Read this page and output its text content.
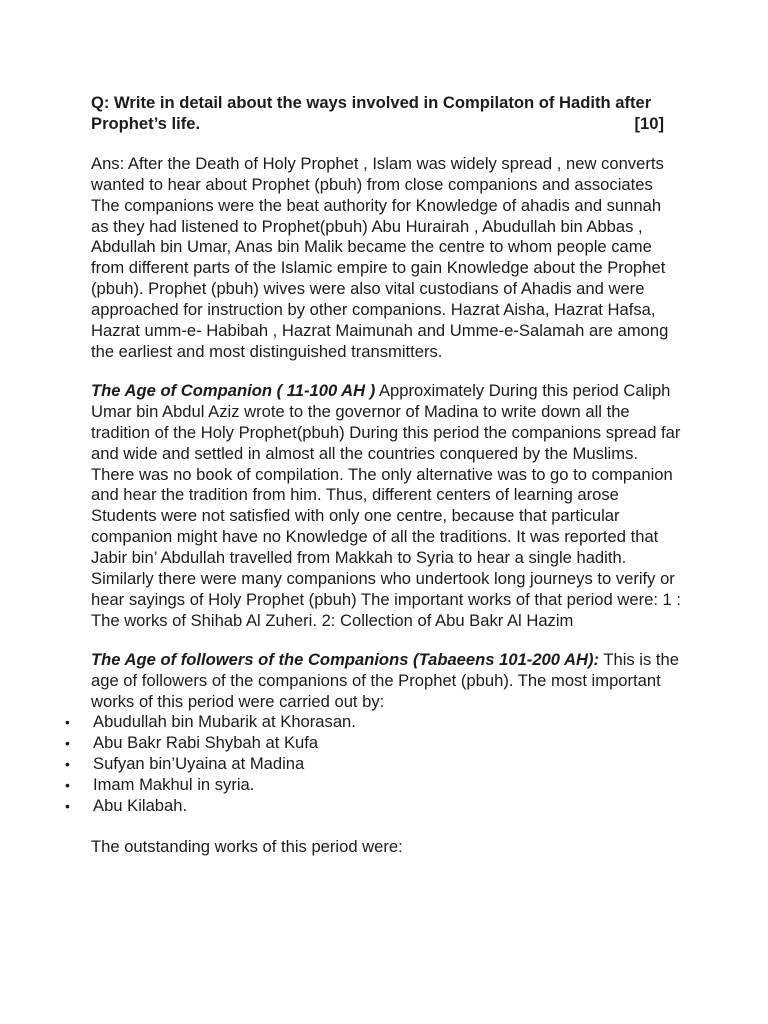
Q: Write in detail about the ways involved in Compilaton of Hadith after Prophet’s life.	[10]

Ans: After the Death of Holy Prophet , Islam was widely spread , new converts wanted to hear about Prophet (pbuh) from close companions and associates The companions were the beat authority for Knowledge of ahadis and sunnah as they had listened to Prophet(pbuh) Abu Hurairah , Abudullah bin Abbas , Abdullah bin Umar, Anas bin Malik became the centre to whom people came from different parts of the Islamic empire to gain Knowledge about the Prophet (pbuh). Prophet (pbuh) wives were also vital custodians of Ahadis and were approached for instruction by other companions. Hazrat Aisha, Hazrat Hafsa, Hazrat umm-e- Habibah , Hazrat Maimunah and Umme-e-Salamah are among the earliest and most distinguished transmitters.

The Age of Companion ( 11-100 AH ) Approximately During this period Caliph Umar bin Abdul Aziz wrote to the governor of Madina to write down all the tradition of the Holy Prophet(pbuh) During this period the companions spread far and wide and settled in almost all the countries conquered by the Muslims. There was no book of compilation. The only alternative was to go to companion and hear the tradition from him. Thus, different centers of learning arose Students were not satisfied with only one centre, because that particular companion might have no Knowledge of all the traditions. It was reported that Jabir bin’ Abdullah travelled from Makkah to Syria to hear a single hadith. Similarly there were many companions who undertook long journeys to verify or hear sayings of Holy Prophet (pbuh) The important works of that period were: 1 : The works of Shihab Al Zuheri. 2: Collection of Abu Bakr Al Hazim

The Age of followers of the Companions (Tabaeens 101-200 AH): This is the age of followers of the companions of the Prophet (pbuh). The most important works of this period were carried out by:

• Abudullah bin Mubarik at Khorasan.
• Abu Bakr Rabi Shybah at Kufa
• Sufyan bin’Uyaina at Madina
• Imam Makhul in syria.
• Abu Kilabah.

The outstanding works of this period were:
